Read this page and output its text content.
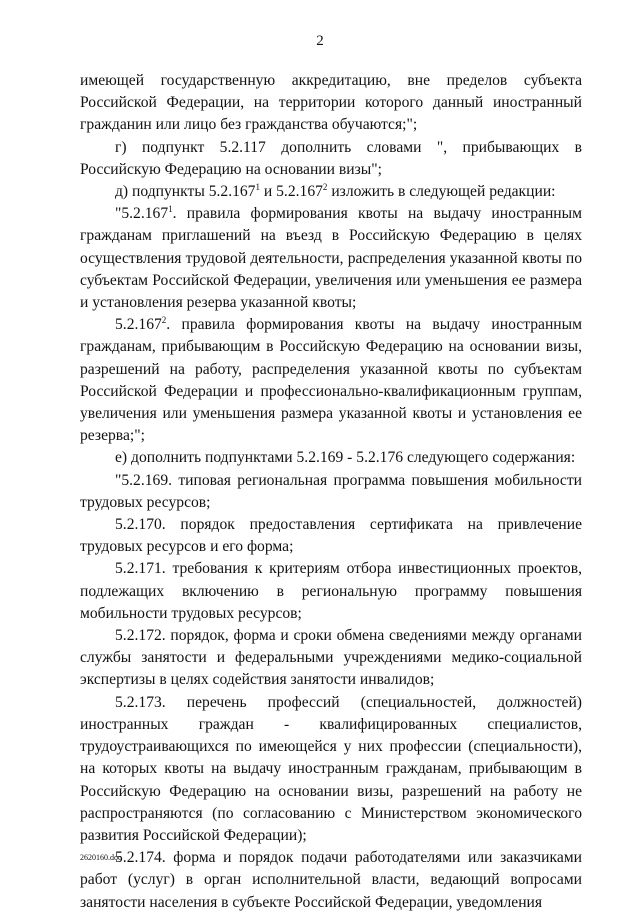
2

имеющей государственную аккредитацию, вне пределов субъекта Российской Федерации, на территории которого данный иностранный гражданин или лицо без гражданства обучаются;";

г) подпункт 5.2.117 дополнить словами ", прибывающих в Российскую Федерацию на основании визы";

д) подпункты 5.2.167$^1$ и 5.2.167$^2$ изложить в следующей редакции:

"5.2.167$^1$. правила формирования квоты на выдачу иностранным гражданам приглашений на въезд в Российскую Федерацию в целях осуществления трудовой деятельности, распределения указанной квоты по субъектам Российской Федерации, увеличения или уменьшения ее размера и установления резерва указанной квоты;

5.2.167$^2$. правила формирования квоты на выдачу иностранным гражданам, прибывающим в Российскую Федерацию на основании визы, разрешений на работу, распределения указанной квоты по субъектам Российской Федерации и профессионально-квалификационным группам, увеличения или уменьшения размера указанной квоты и установления ее резерва;";

е) дополнить подпунктами 5.2.169 - 5.2.176 следующего содержания:

"5.2.169. типовая региональная программа повышения мобильности трудовых ресурсов;

5.2.170. порядок предоставления сертификата на привлечение трудовых ресурсов и его форма;

5.2.171. требования к критериям отбора инвестиционных проектов, подлежащих включению в региональную программу повышения мобильности трудовых ресурсов;

5.2.172. порядок, форма и сроки обмена сведениями между органами службы занятости и федеральными учреждениями медико-социальной экспертизы в целях содействия занятости инвалидов;

5.2.173. перечень профессий (специальностей, должностей) иностранных граждан - квалифицированных специалистов, трудоустраивающихся по имеющейся у них профессии (специальности), на которых квоты на выдачу иностранным гражданам, прибывающим в Российскую Федерацию на основании визы, разрешений на работу не распространяются (по согласованию с Министерством экономического развития Российской Федерации);

5.2.174. форма и порядок подачи работодателями или заказчиками работ (услуг) в орган исполнительной власти, ведающий вопросами занятости населения в субъекте Российской Федерации, уведомления

2620160.doc
